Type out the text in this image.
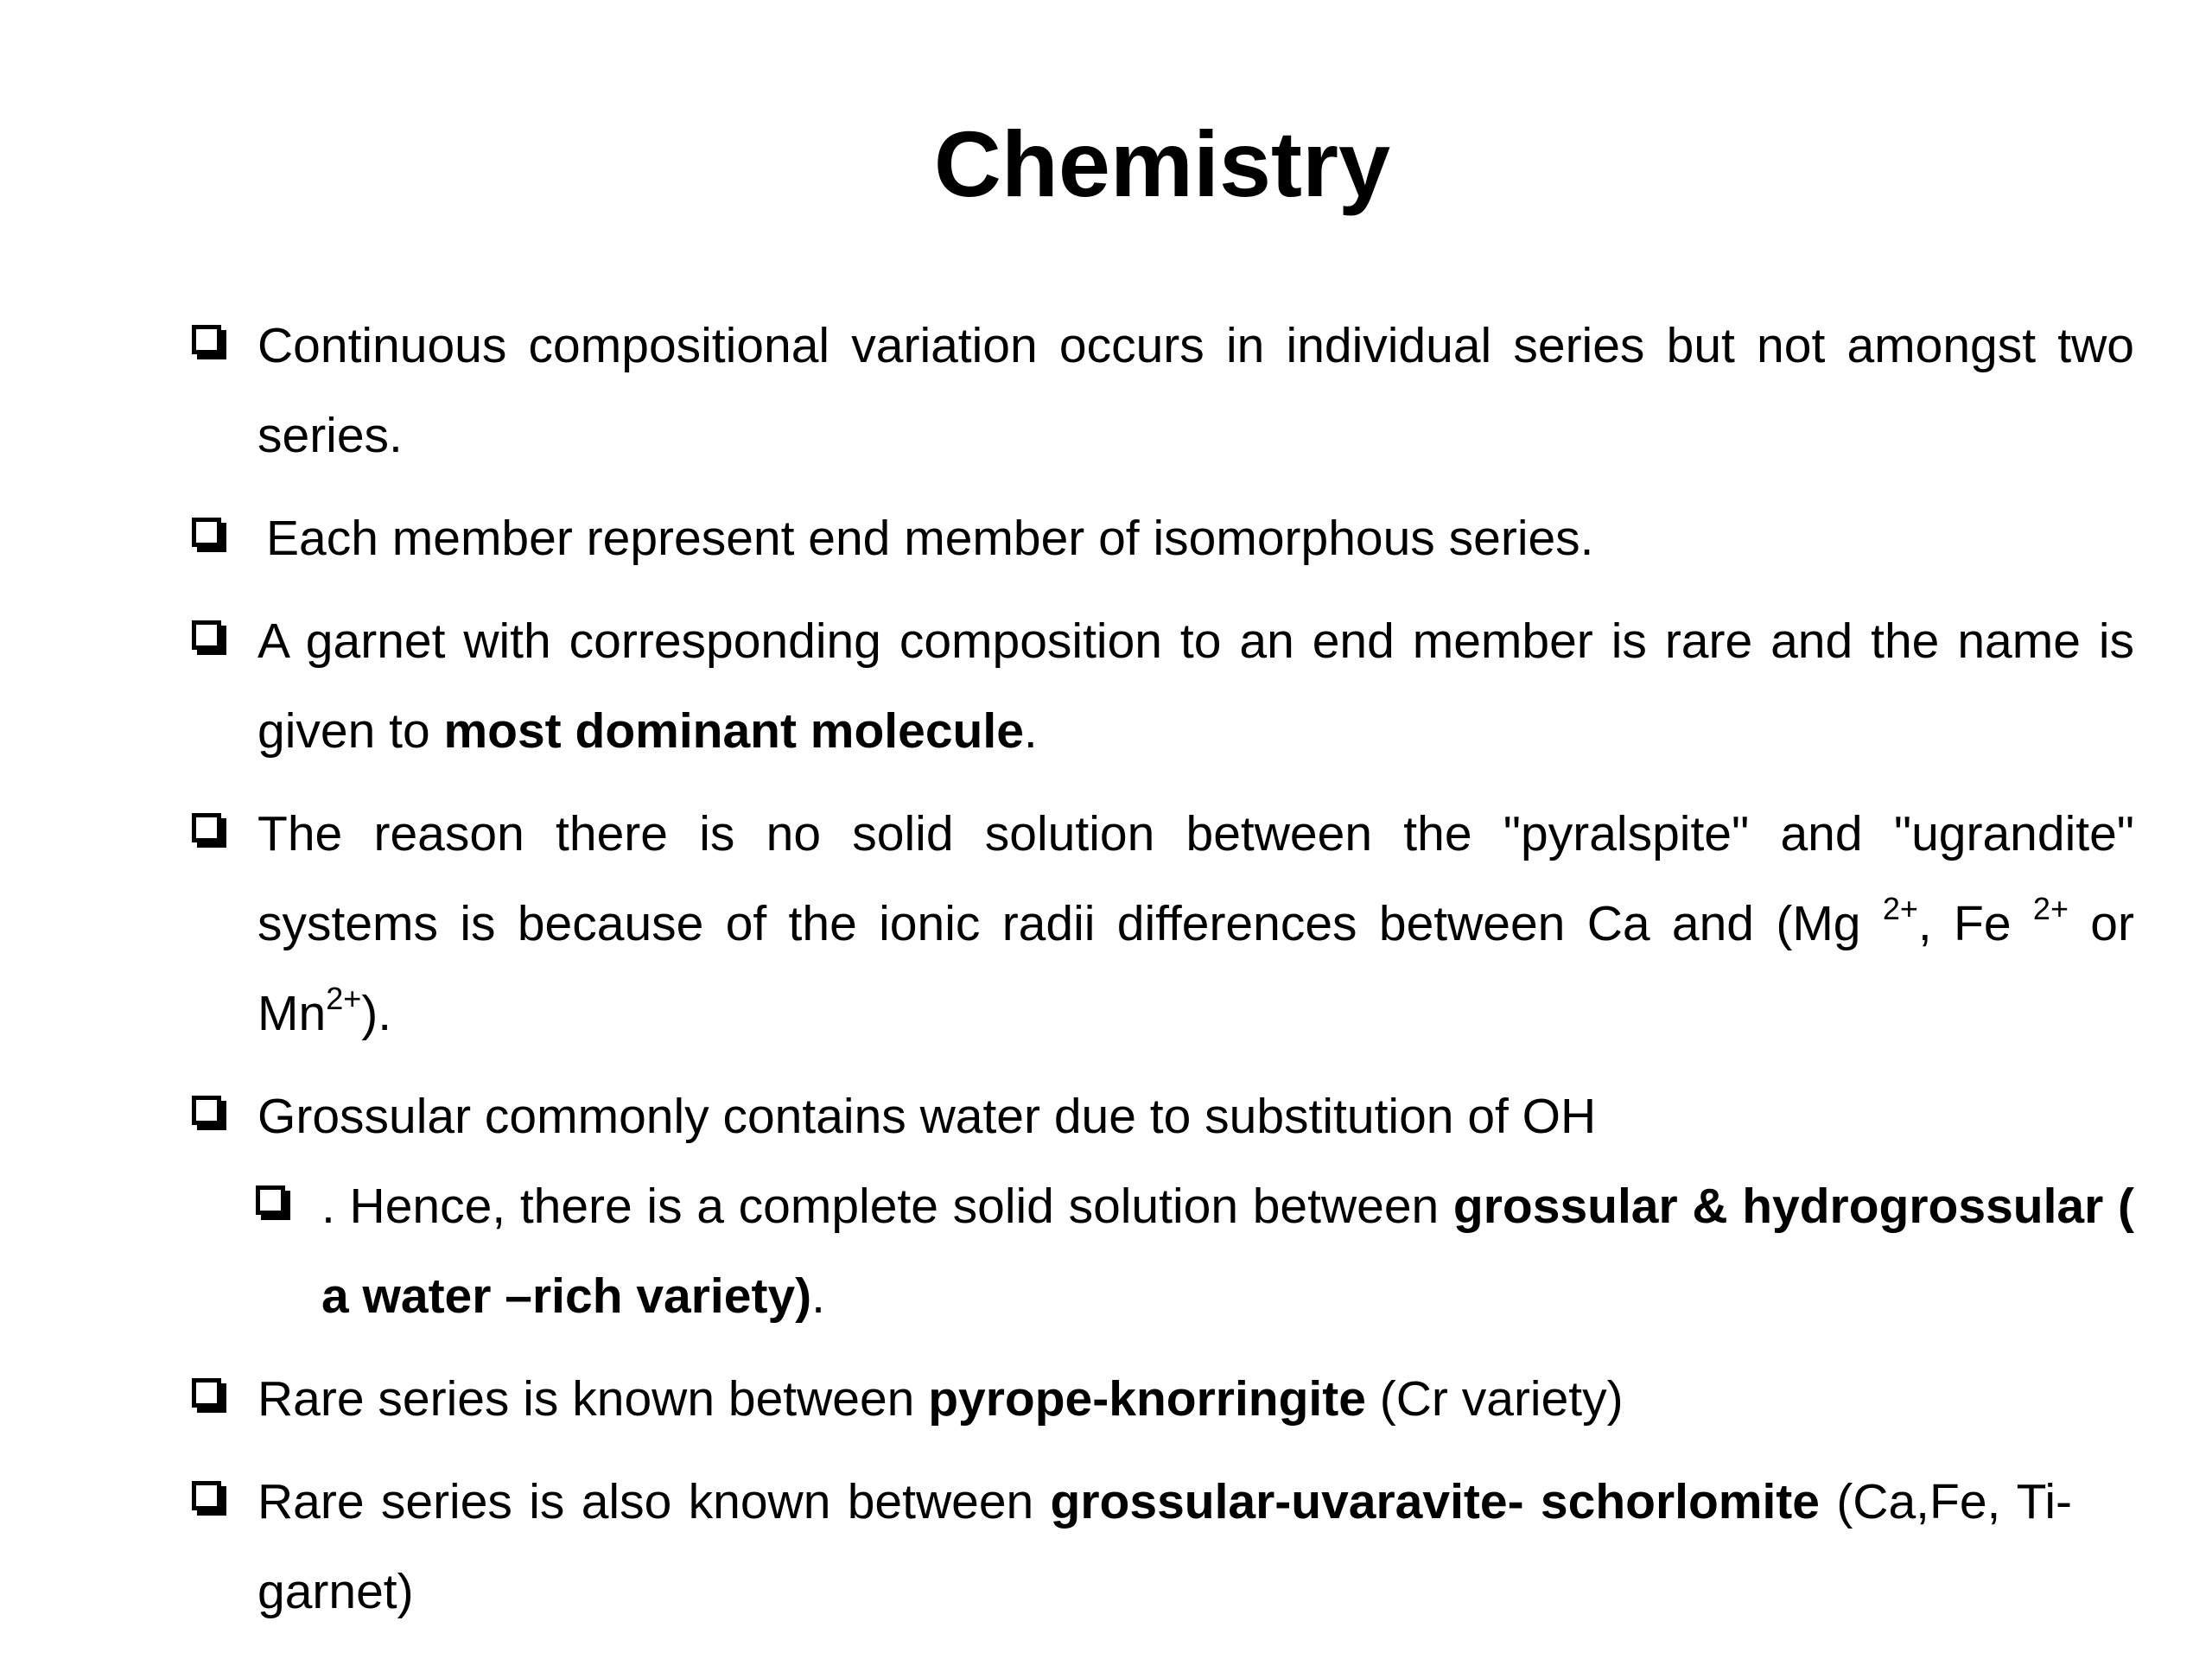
Chemistry
Continuous compositional variation occurs in individual series but not amongst two series.
Each member represent end member of isomorphous series.
A garnet with corresponding composition to an end member is rare and the name is given to most dominant molecule.
The reason there is no solid solution between the "pyralspite" and "ugrandite" systems is because of the ionic radii differences between Ca and (Mg $^{2+}$, Fe $^{2+}$ or $Mn^{2+}$).
Grossular commonly contains water due to substitution of OH
. Hence, there is a complete solid solution between grossular & hydrogrossular ( a water –rich variety).
Rare series is known between pyrope-knorringite (Cr variety)
Rare series is also known between grossular-uvaravite- schorlomite (Ca,Fe, Ti-garnet)
